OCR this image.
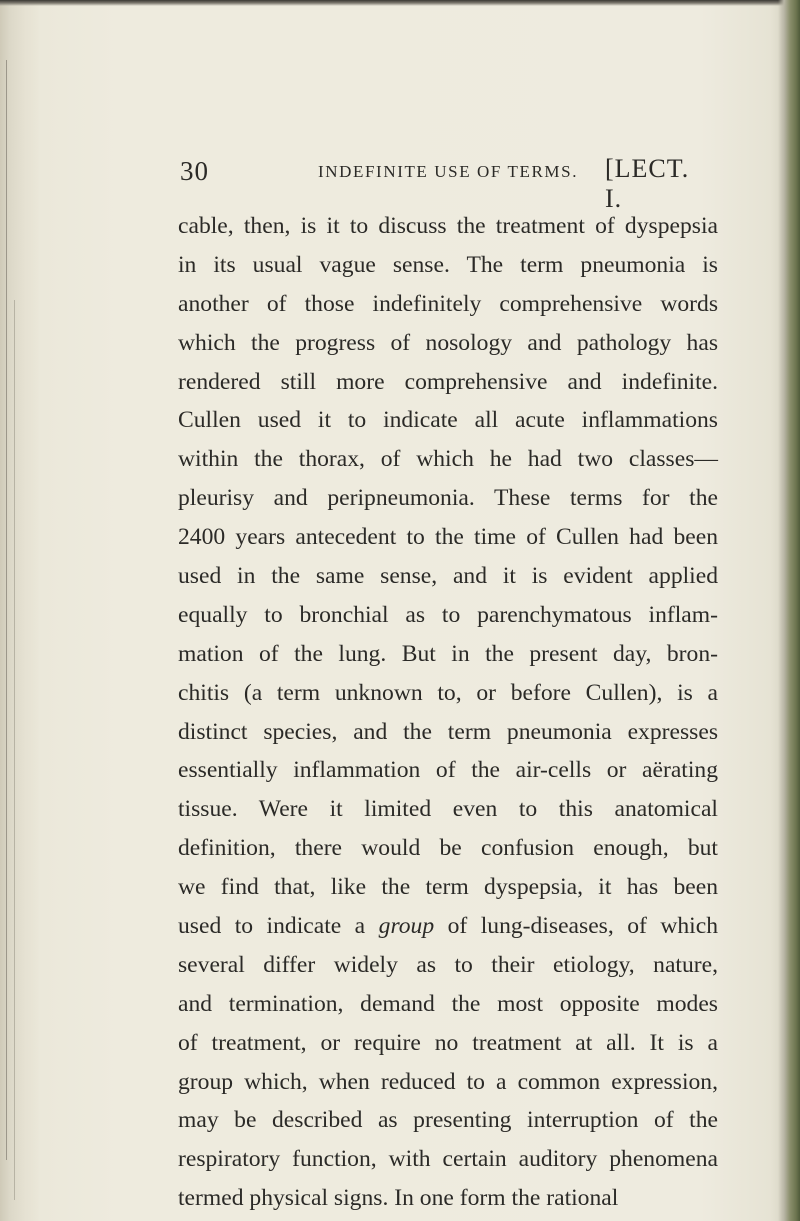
30	INDEFINITE USE OF TERMS. [LECT. I.
cable, then, is it to discuss the treatment of dyspepsia
in its usual vague sense. The term pneumonia is
another of those indefinitely comprehensive words
which the progress of nosology and pathology has
rendered still more comprehensive and indefinite.
Cullen used it to indicate all acute inflammations
within the thorax, of which he had two classes—
pleurisy and peripneumonia. These terms for the
2400 years antecedent to the time of Cullen had been
used in the same sense, and it is evident applied
equally to bronchial as to parenchymatous inflam-
mation of the lung. But in the present day, bron-
chitis (a term unknown to, or before Cullen), is a
distinct species, and the term pneumonia expresses
essentially inflammation of the air-cells or aërating
tissue. Were it limited even to this anatomical
definition, there would be confusion enough, but
we find that, like the term dyspepsia, it has been
used to indicate a group of lung-diseases, of which
several differ widely as to their etiology, nature,
and termination, demand the most opposite modes
of treatment, or require no treatment at all. It is a
group which, when reduced to a common expression,
may be described as presenting interruption of the
respiratory function, with certain auditory phenomena
termed physical signs. In one form the rational
